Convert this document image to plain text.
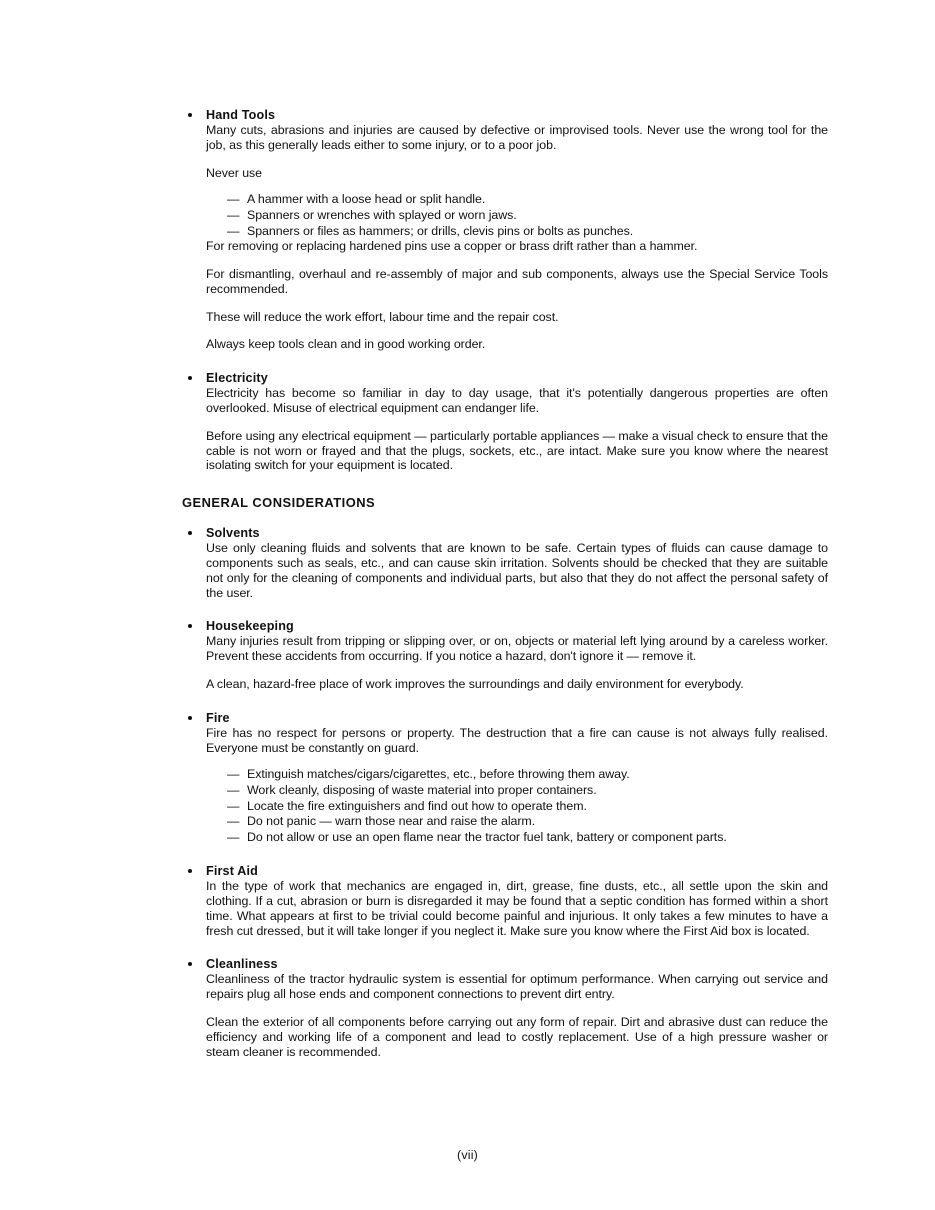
Hand Tools

Many cuts, abrasions and injuries are caused by defective or improvised tools. Never use the wrong tool for the job, as this generally leads either to some injury, or to a poor job.

Never use

— A hammer with a loose head or split handle.
— Spanners or wrenches with splayed or worn jaws.
— Spanners or files as hammers; or drills, clevis pins or bolts as punches.

For removing or replacing hardened pins use a copper or brass drift rather than a hammer.

For dismantling, overhaul and re-assembly of major and sub components, always use the Special Service Tools recommended.

These will reduce the work effort, labour time and the repair cost.

Always keep tools clean and in good working order.

Electricity

Electricity has become so familiar in day to day usage, that it's potentially dangerous properties are often overlooked. Misuse of electrical equipment can endanger life.

Before using any electrical equipment — particularly portable appliances — make a visual check to ensure that the cable is not worn or frayed and that the plugs, sockets, etc., are intact. Make sure you know where the nearest isolating switch for your equipment is located.

GENERAL CONSIDERATIONS
Solvents

Use only cleaning fluids and solvents that are known to be safe. Certain types of fluids can cause damage to components such as seals, etc., and can cause skin irritation. Solvents should be checked that they are suitable not only for the cleaning of components and individual parts, but also that they do not affect the personal safety of the user.

Housekeeping

Many injuries result from tripping or slipping over, or on, objects or material left lying around by a careless worker. Prevent these accidents from occurring. If you notice a hazard, don't ignore it — remove it.

A clean, hazard-free place of work improves the surroundings and daily environment for everybody.

Fire

Fire has no respect for persons or property. The destruction that a fire can cause is not always fully realised. Everyone must be constantly on guard.

— Extinguish matches/cigars/cigarettes, etc., before throwing them away.
— Work cleanly, disposing of waste material into proper containers.
— Locate the fire extinguishers and find out how to operate them.
— Do not panic — warn those near and raise the alarm.
— Do not allow or use an open flame near the tractor fuel tank, battery or component parts.
First Aid

In the type of work that mechanics are engaged in, dirt, grease, fine dusts, etc., all settle upon the skin and clothing. If a cut, abrasion or burn is disregarded it may be found that a septic condition has formed within a short time. What appears at first to be trivial could become painful and injurious. It only takes a few minutes to have a fresh cut dressed, but it will take longer if you neglect it. Make sure you know where the First Aid box is located.

Cleanliness

Cleanliness of the tractor hydraulic system is essential for optimum performance. When carrying out service and repairs plug all hose ends and component connections to prevent dirt entry.

Clean the exterior of all components before carrying out any form of repair. Dirt and abrasive dust can reduce the efficiency and working life of a component and lead to costly replacement. Use of a high pressure washer or steam cleaner is recommended.

(vii)
